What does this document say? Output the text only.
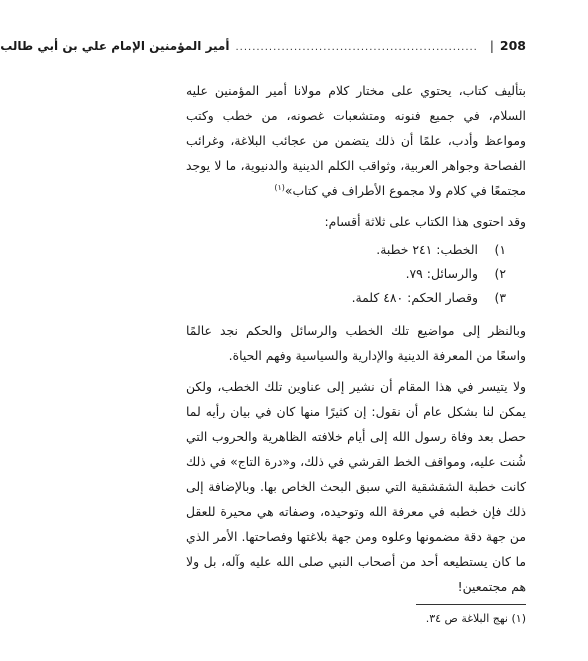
208
|
..........................................................
أمير المؤمنين الإمام علي بن أبي طالب

بتأليف كتاب، يحتوي على مختار كلام مولانا أمير المؤمنين عليه السلام، في جميع فنونه ومتشعبات غصونه، من خطب وكتب ومواعظ وأدب، علمًا أن ذلك يتضمن من عجائب البلاغة، وغرائب الفصاحة وجواهر العربية، وثواقب الكلم الدينية والدنيوية، ما لا يوجد مجتمعًا في كلام ولا مجموع الأطراف في كتاب»$^{(١)}$

وقد احتوى هذا الكتاب على ثلاثة أقسام:

١)
الخطب: ٢٤١ خطبة.
٢)
والرسائل: ٧٩.
٣)
وقصار الحكم: ٤٨٠ كلمة.

وبالنظر إلى مواضيع تلك الخطب والرسائل والحكم نجد عالمًا واسعًا من المعرفة الدينية والإدارية والسياسية وفهم الحياة.

ولا يتيسر في هذا المقام أن نشير إلى عناوين تلك الخطب، ولكن يمكن لنا بشكل عام أن نقول: إن كثيرًا منها كان في بيان رأيه لما حصل بعد وفاة رسول الله إلى أيام خلافته الظاهرية والحروب التي شُنت عليه، ومواقف الخط القرشي في ذلك، و«درة التاج» في ذلك كانت خطبة الشقشقية التي سبق البحث الخاص بها. وبالإضافة إلى ذلك فإن خطبه في معرفة الله وتوحيده، وصفاته هي محيرة للعقل من جهة دقة مضمونها وعلوه ومن جهة بلاغتها وفصاحتها. الأمر الذي ما كان يستطيعه أحد من أصحاب النبي صلى الله عليه وآله، بل ولا هم مجتمعين!

(١) نهج البلاغة ص ٣٤.
